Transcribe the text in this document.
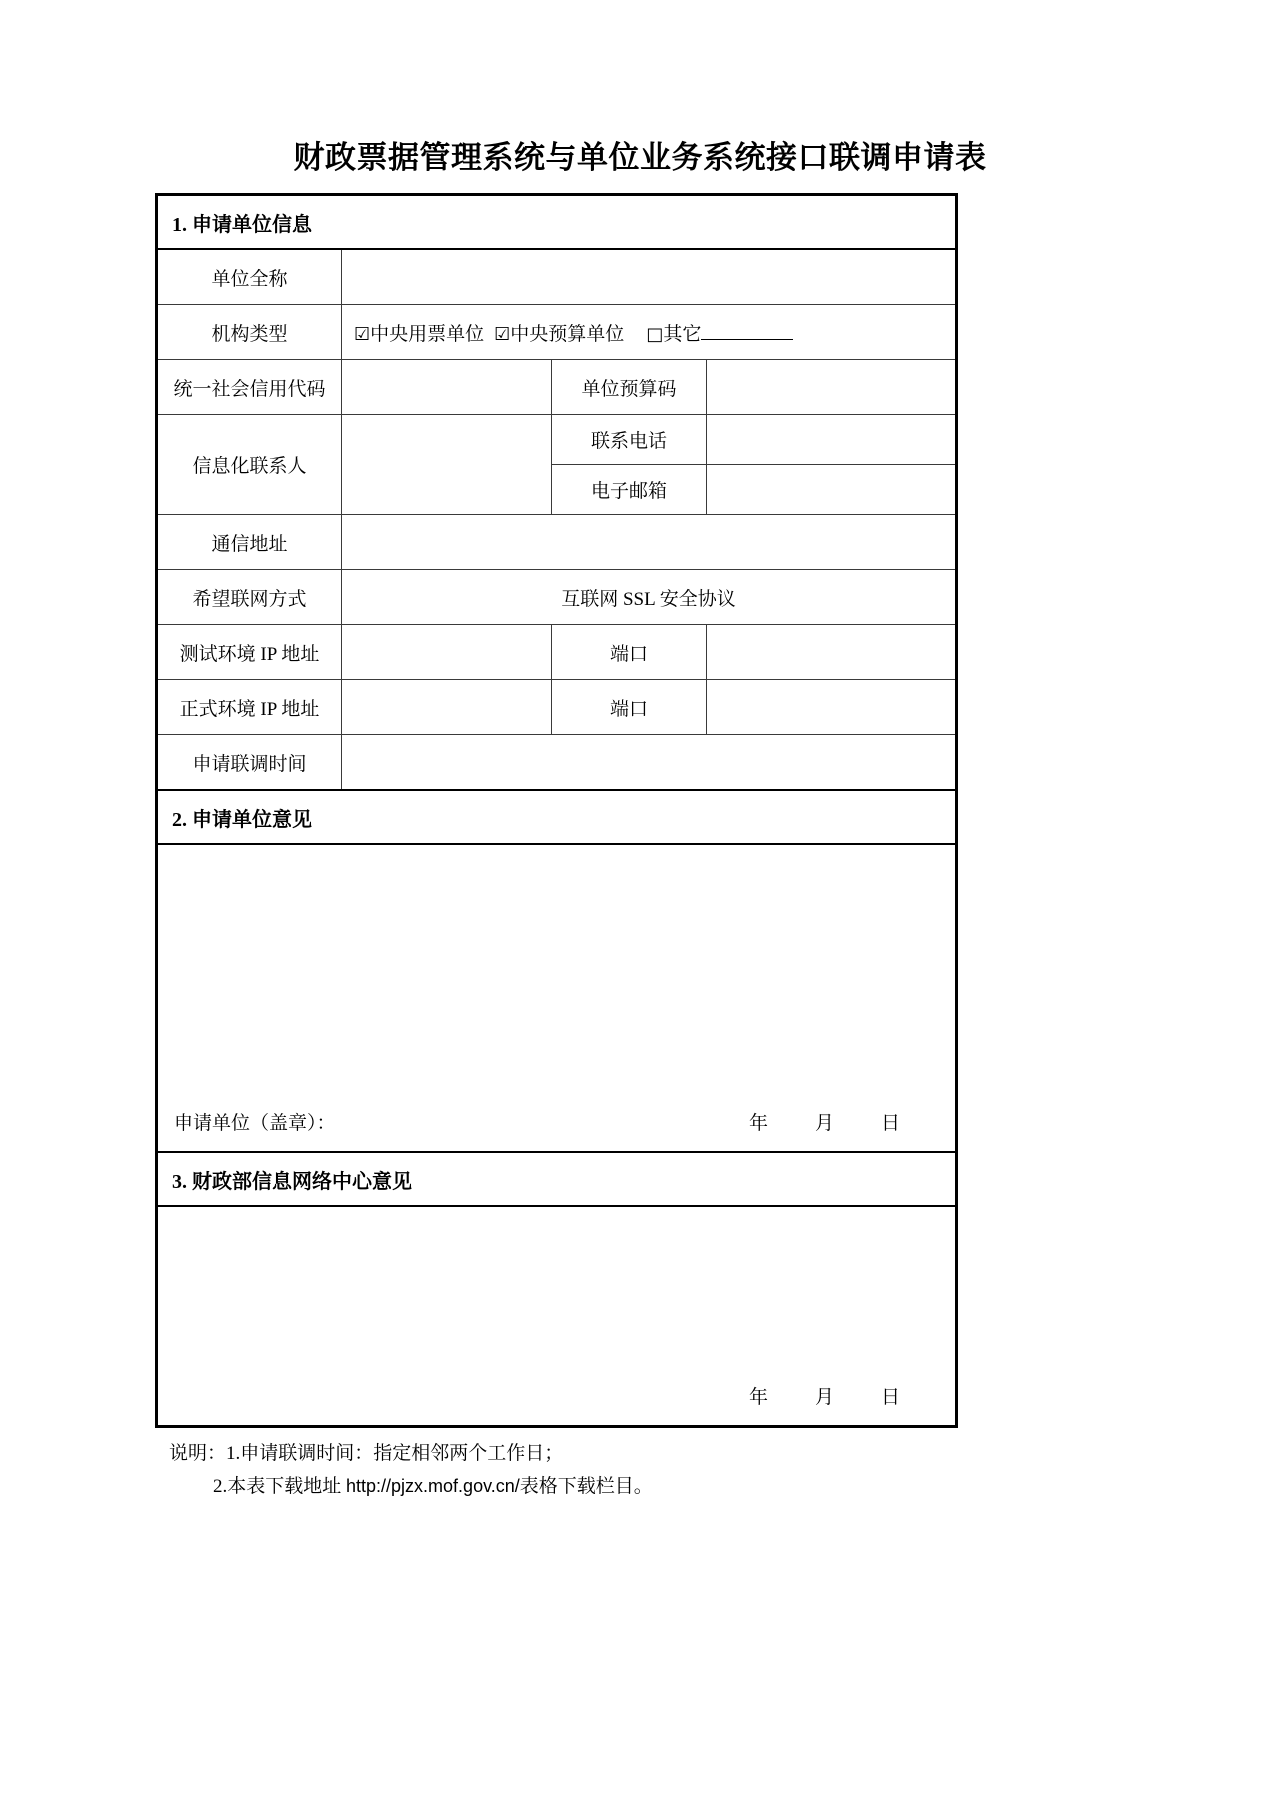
财政票据管理系统与单位业务系统接口联调申请表
1. 申请单位信息			
单位全称			
机构类型	☑中央用票单位 ☑中央预算单位 □其它		
统一社会信用代码		单位预算码	
信息化联系人		联系电话	
		电子邮箱	
通信地址			
希望联网方式	互联网 SSL 安全协议		
测试环境 IP 地址		端口	
正式环境 IP 地址		端口	
申请联调时间			
2. 申请单位意见			

申请单位（盖章）： 年 月 日			

3. 财政部信息网络中心意见			

年 月 日			
说明：1.申请联调时间：指定相邻两个工作日；
2.本表下载地址 http://pjzx.mof.gov.cn/表格下载栏目。
